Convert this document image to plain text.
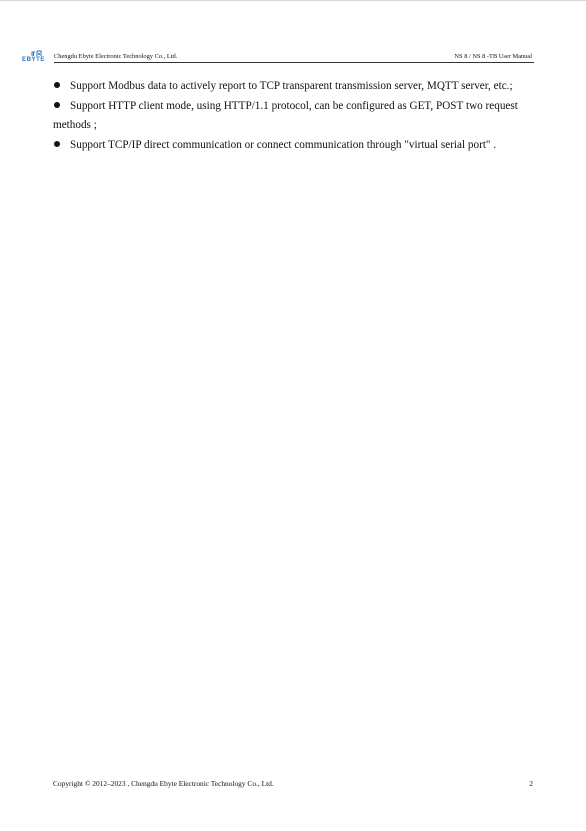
EBYTE	Chengdu Ebyte Electronic Technology Co., Ltd.	NS 8 / NS 8 -TB User Manual

Support Modbus data to actively report to TCP transparent transmission server, MQTT server, etc.;

Support HTTP client mode, using HTTP/1.1 protocol, can be configured as GET, POST two request methods ;

Support TCP/IP direct communication or connect communication through "virtual serial port" .

Copyright © 2012–2023 , Chengdu Ebyte Electronic Technology Co., Ltd.	2
